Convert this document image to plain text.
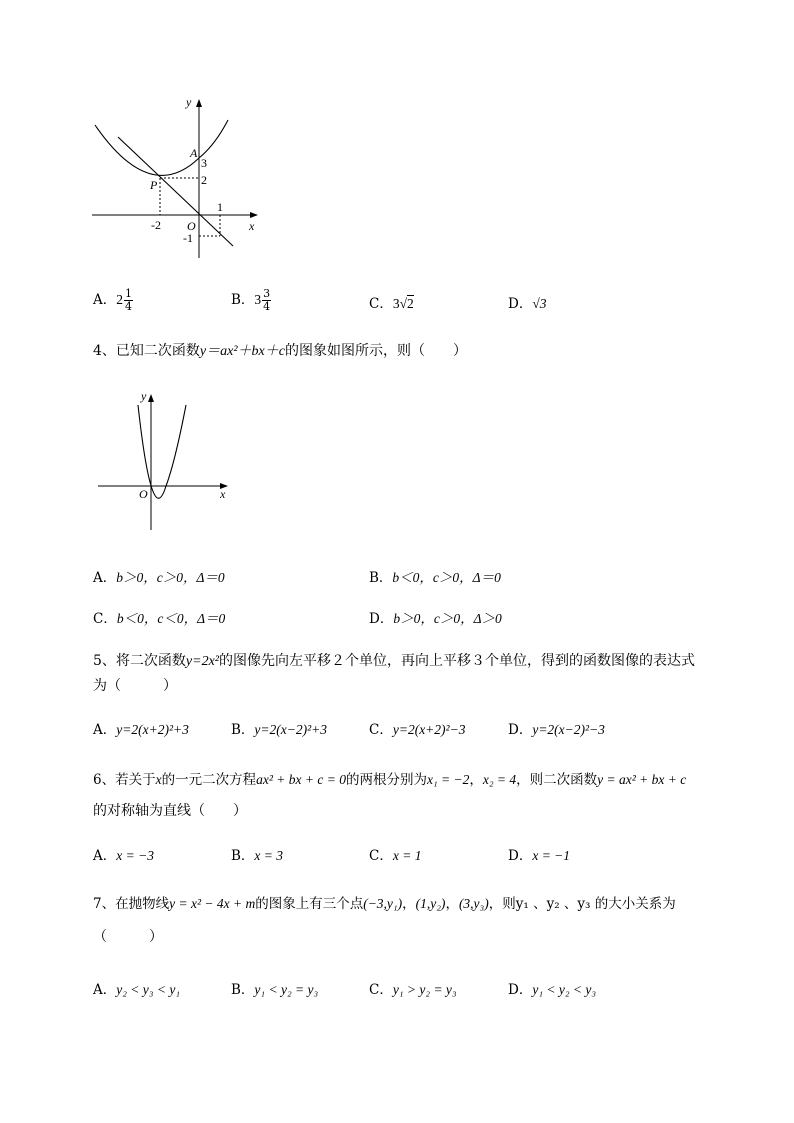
y
x
A
P
O
3
2
1
-2
-1
A．$2 \frac{1}{4}$	B．$3 \frac{3}{4}$	C．3√2	D．√3
4、已知二次函数y＝ax²＋bx＋c的图象如图所示，则（　　）
y
x
O
A．b＞0，c＞0，Δ＝0	B．b＜0，c＞0，Δ＝0
C．b＜0，c＜0，Δ＝0	D．b＞0，c＞0，Δ＞0
5、将二次函数y=2x²的图像先向左平移２个单位，再向上平移３个单位，得到的函数图像的表达式
为（　　　）
A．y=2(x+2)²+3	B．y=2(x−2)²+3	C．y=2(x+2)²−3	D．y=2(x−2)²−3
6、若关于x的一元二次方程ax² + bx + c = 0的两根分别为x₁ = −2，x₂ = 4，则二次函数y = ax² + bx + c
的对称轴为直线（　　）
A．x = −3	B．x = 3	C．x = 1	D．x = −1
7、在抛物线y = x² − 4x + m的图象上有三个点(−3,y₁)，(1,y₂)，(3,y₃)，则y₁ 、y₂ 、y₃ 的大小关系为
（　　　）
A．y₂ < y₃ < y₁	B．y₁ < y₂ = y₃	C．y₁ > y₂ = y₃	D．y₁ < y₂ < y₃
